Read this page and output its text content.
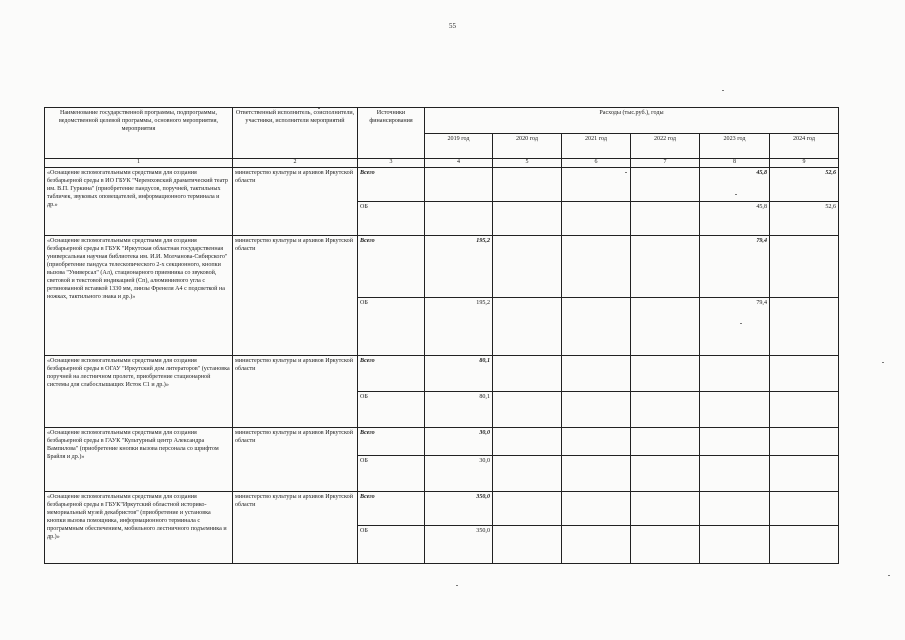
55
Наименование государственной программы, подпрограммы, ведомственной целевой программы, основного мероприятия, мероприятия	Ответственный исполнитель, соисполнители, участники, исполнители мероприятий	Источники финансирования	Расходы (тыс.руб.), годы					
			2019 год	2020 год	2021 год	2022 год	2023 год	2024 год
1	2	3	4	5	6	7	8	9
«Оснащение вспомогательными средствами для создания безбарьерной среды в ИО ГБУК "Черемховский драматический театр им. В.П. Гуркина" (приобретение пандусов, поручней, тактильных табличек, звуковых оповещателей, информационного терминала и др.»	министерство культуры и архивов Иркутской области	Всего					45,8	52,6
		ОБ					45,8	52,6
«Оснащение вспомогательными средствами для создания безбарьерной среды в ГБУК "Иркутская областная государственная универсальная научная библиотека им. И.И. Молчанова-Сибирского" (приобретение пандуса телескопического 2-х секционного, кнопки вызова "Универсал" (Ал), стационарного приемника со звуковой, световой и текстовой индикацией (Сп), алюминиевого угла с ретинованной вставкой 1330 мм, линзы Френеля А4 с подсветкой на ножках, тактильного знака и др.)»	министерство культуры и архивов Иркутской области	Всего	195,2				79,4	
		ОБ	195,2				79,4	
«Оснащение вспомогательными средствами для создания безбарьерной среды в ОГАУ "Иркутский дом литераторов" (установка поручней на лестничном пролете, приобретение стационарной системы для слабослышащих Исток С1 и др.)»	министерство культуры и архивов Иркутской области	Всего	80,1					
		ОБ	80,1					
«Оснащение вспомогательными средствами для создания безбарьерной среды в ГАУК "Культурный центр Александра Вампилова" (приобретение кнопки вызова персонала со шрифтом Брайля и др.)»	министерство культуры и архивов Иркутской области	Всего	30,0					
		ОБ	30,0					
«Оснащение вспомогательными средствами для создания безбарьерной среды в ГБУК"Иркутский областной историко-мемориальный музей декабристов" (приобретение и установка кнопки вызова помощника, информационного терминала с программным обеспечением, мобильного лестничного подъемника и др.)»	министерство культуры и архивов Иркутской области	Всего	350,0					
		ОБ	350,0					
